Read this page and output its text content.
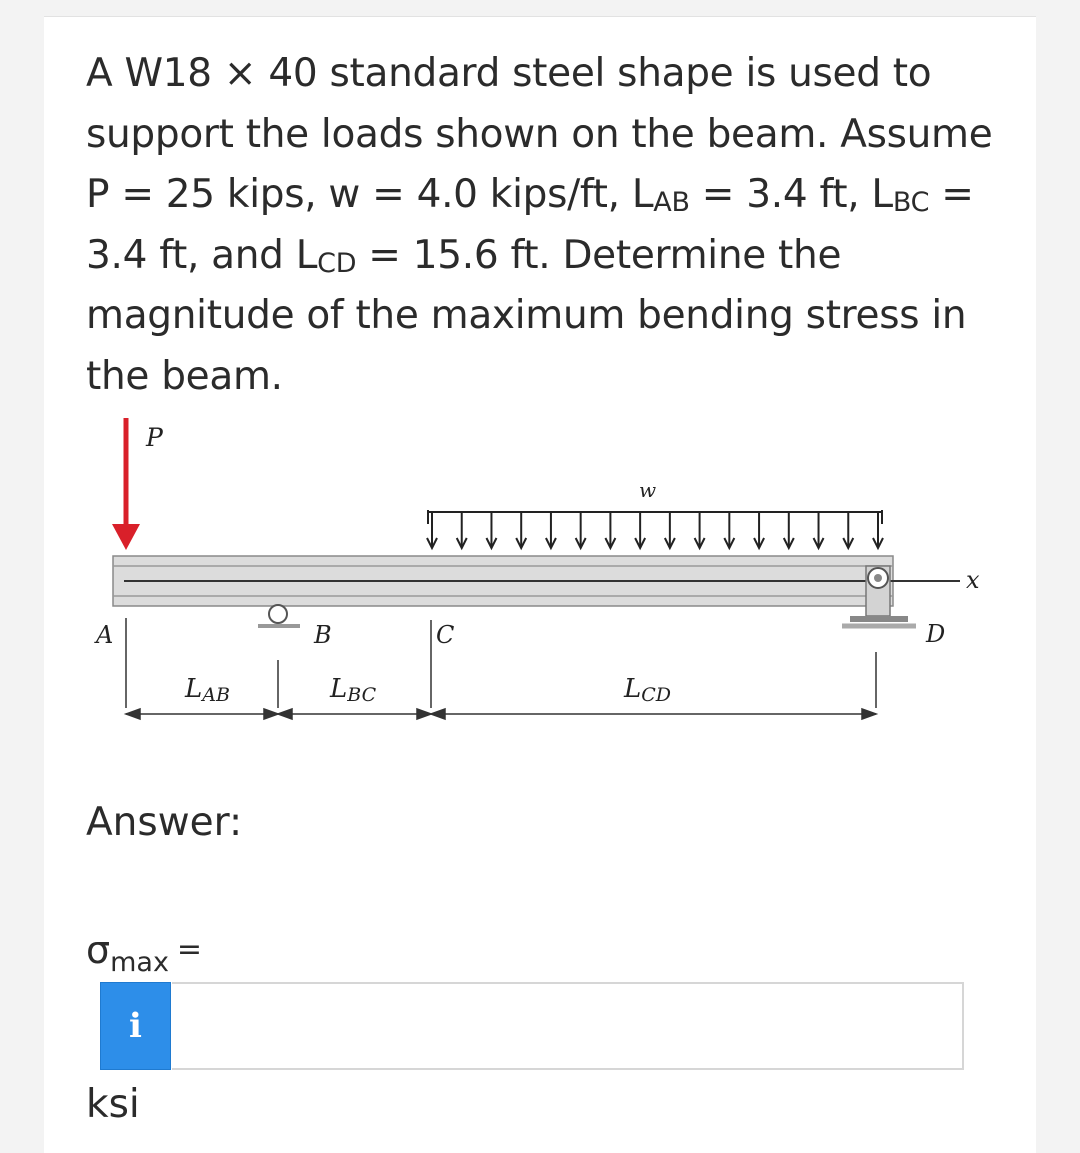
A W18 × 40 standard steel shape is used to support the loads shown on the beam. Assume P = 25 kips, w = 4.0 kips/ft, $L_{AB} = 3.4$ ft, $L_{BC} = 3.4$ ft, and $L_{CD} = 15.6$ ft. Determine the magnitude of the maximum bending stress in the beam.

P
w
x
D
B
A	C
LAB	LBC	LCD

Answer:

$\sigma_{max}$ =
i
ksi
